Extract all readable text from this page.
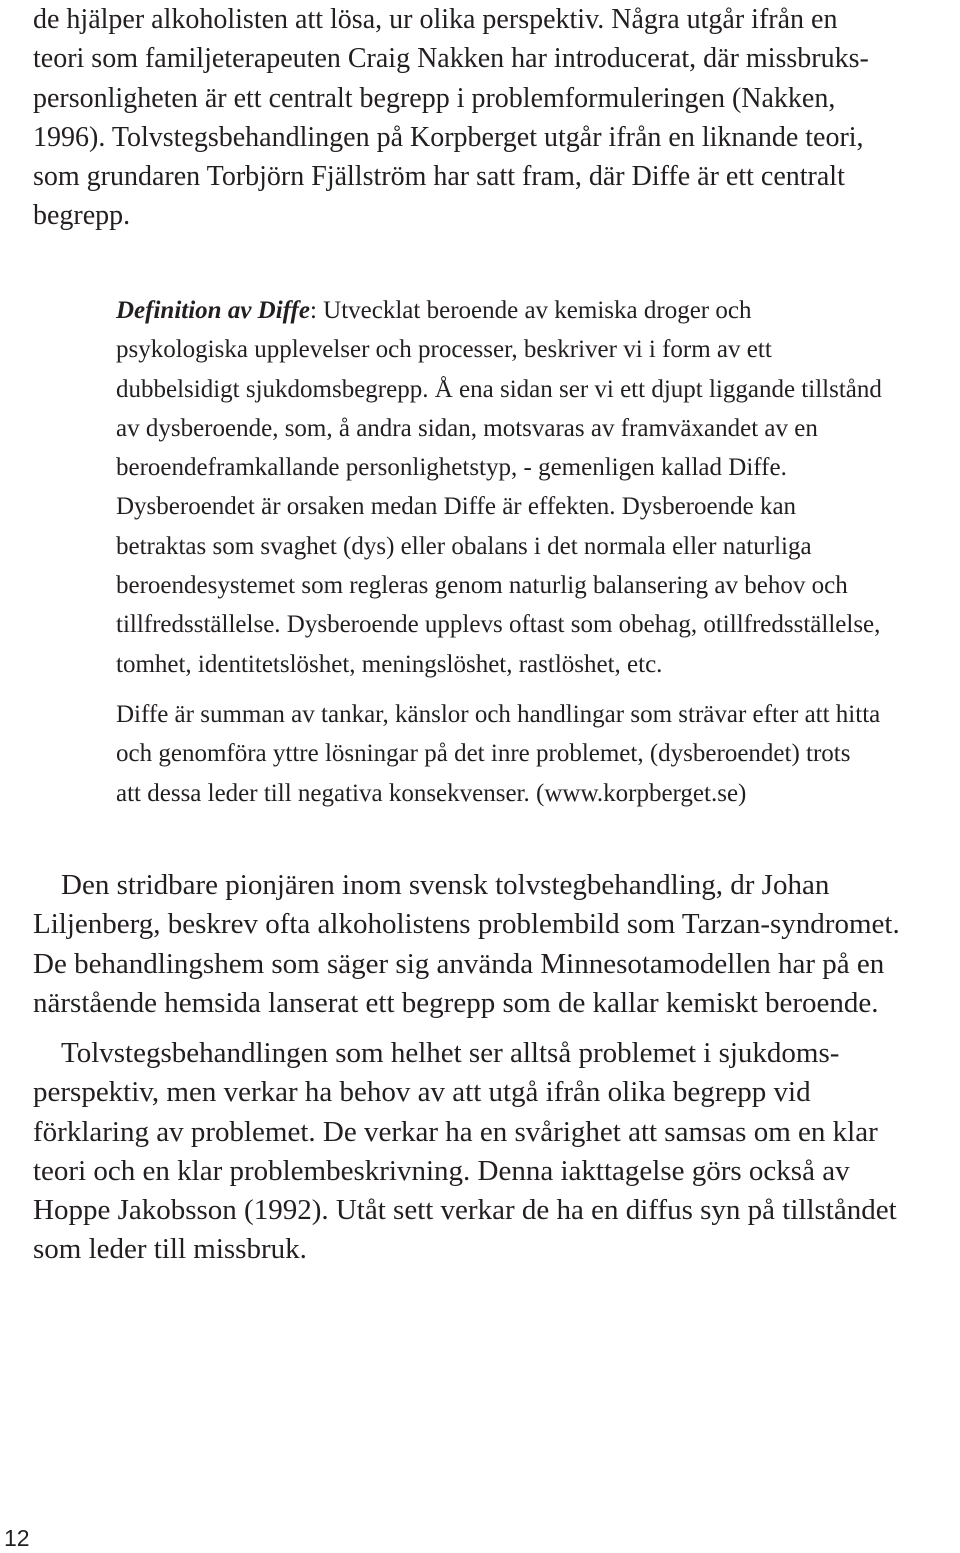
de hjälper alkoholisten att lösa, ur olika perspektiv. Några utgår ifrån en
teori som familjeterapeuten Craig Nakken har introducerat, där missbruks-
personligheten är ett centralt begrepp i problemformuleringen (Nakken,
1996). Tolvstegsbehandlingen på Korpberget utgår ifrån en liknande teori,
som grundaren Torbjörn Fjällström har satt fram, där Diffe är ett centralt
begrepp.

Definition av Diffe: Utvecklat beroende av kemiska droger och
psykologiska upplevelser och processer, beskriver vi i form av ett
dubbelsidigt sjukdomsbegrepp. Å ena sidan ser vi ett djupt liggande tillstånd
av dysberoende, som, å andra sidan, motsvaras av framväxandet av en
beroendeframkallande personlighetstyp, - gemenligen kallad Diffe.
Dysberoendet är orsaken medan Diffe är effekten. Dysberoende kan
betraktas som svaghet (dys) eller obalans i det normala eller naturliga
beroendesystemet som regleras genom naturlig balansering av behov och
tillfredsställelse. Dysberoende upplevs oftast som obehag, otillfredsställelse,
tomhet, identitetslöshet, meningslöshet, rastlöshet, etc.

Diffe är summan av tankar, känslor och handlingar som strävar efter att hitta
och genomföra yttre lösningar på det inre problemet, (dysberoendet) trots
att dessa leder till negativa konsekvenser. (www.korpberget.se)

Den stridbare pionjären inom svensk tolvstegbehandling, dr Johan
Liljenberg, beskrev ofta alkoholistens problembild som Tarzan-syndromet.
De behandlingshem som säger sig använda Minnesotamodellen har på en
närstående hemsida lanserat ett begrepp som de kallar kemiskt beroende.

Tolvstegsbehandlingen som helhet ser alltså problemet i sjukdoms-
perspektiv, men verkar ha behov av att utgå ifrån olika begrepp vid
förklaring av problemet. De verkar ha en svårighet att samsas om en klar
teori och en klar problembeskrivning. Denna iakttagelse görs också av
Hoppe Jakobsson (1992). Utåt sett verkar de ha en diffus syn på tillståndet
som leder till missbruk.

12
